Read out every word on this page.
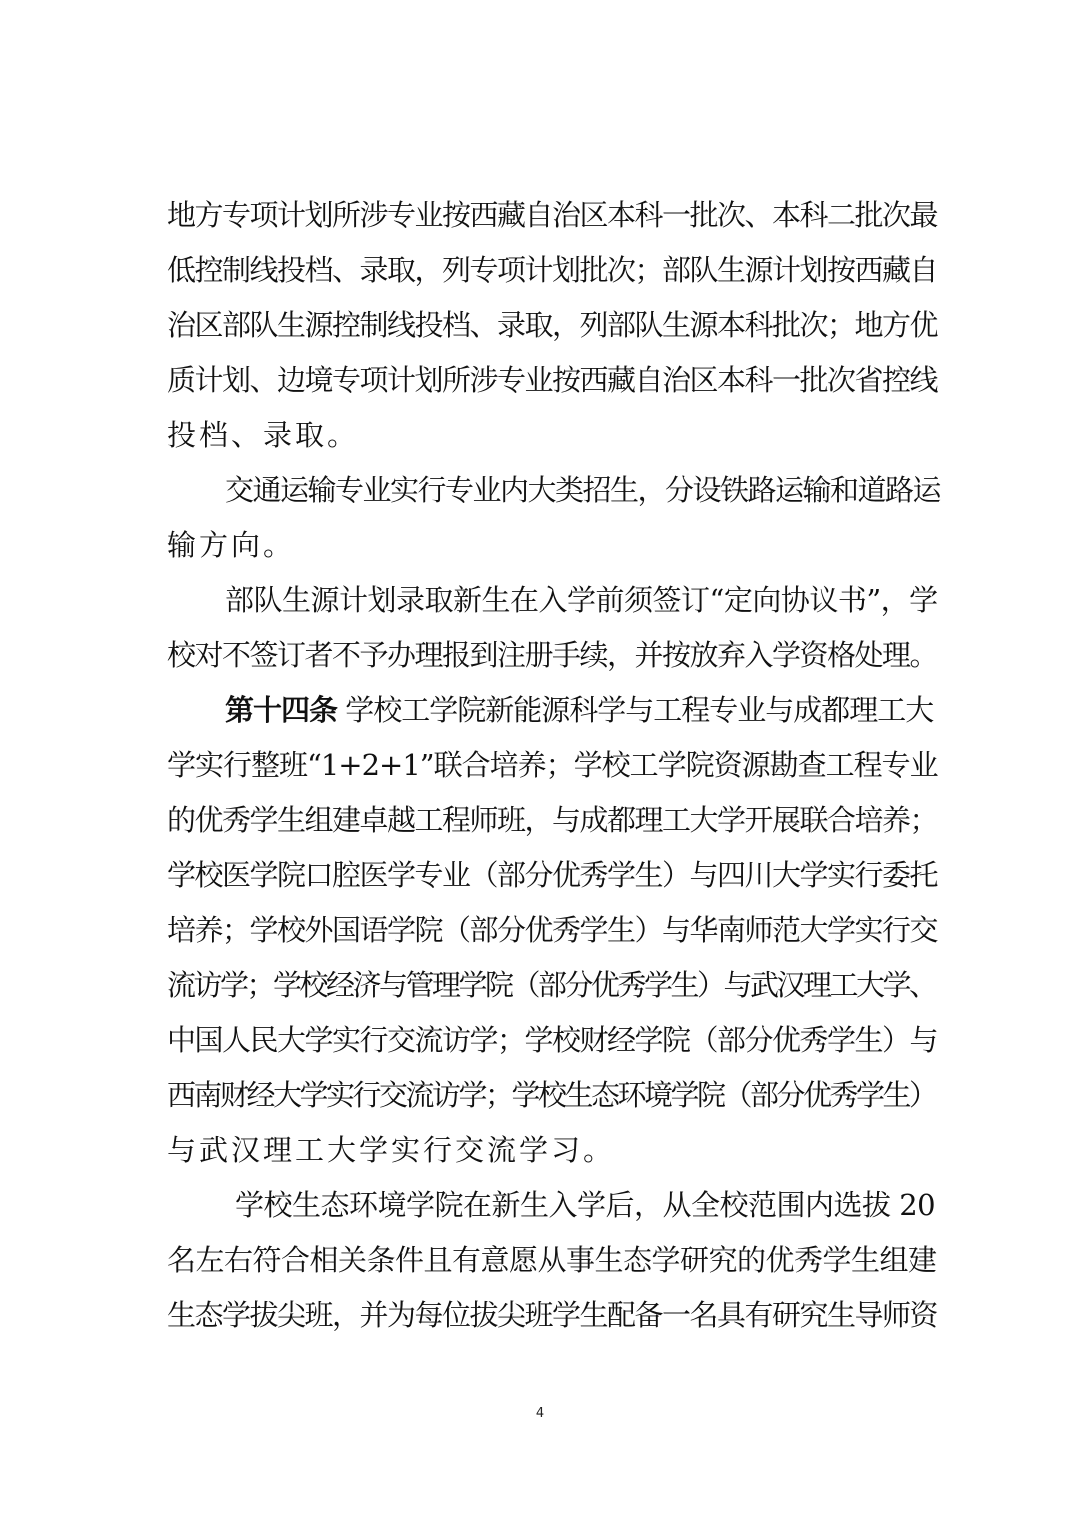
地方专项计划所涉专业按西藏自治区本科一批次、本科二批次最
低控制线投档、录取，列专项计划批次；部队生源计划按西藏自
治区部队生源控制线投档、录取，列部队生源本科批次；地方优
质计划、边境专项计划所涉专业按西藏自治区本科一批次省控线
投档、录取。
交通运输专业实行专业内大类招生，分设铁路运输和道路运
输方向。
部队生源计划录取新生在入学前须签订“定向协议书”，学
校对不签订者不予办理报到注册手续，并按放弃入学资格处理。
第十四条 学校工学院新能源科学与工程专业与成都理工大
学实行整班“1+2+1”联合培养；学校工学院资源勘查工程专业
的优秀学生组建卓越工程师班，与成都理工大学开展联合培养；
学校医学院口腔医学专业（部分优秀学生）与四川大学实行委托
培养；学校外国语学院（部分优秀学生）与华南师范大学实行交
流访学；学校经济与管理学院（部分优秀学生）与武汉理工大学、
中国人民大学实行交流访学；学校财经学院（部分优秀学生）与
西南财经大学实行交流访学；学校生态环境学院（部分优秀学生）
与武汉理工大学实行交流学习。
学校生态环境学院在新生入学后，从全校范围内选拔 20
名左右符合相关条件且有意愿从事生态学研究的优秀学生组建
生态学拔尖班，并为每位拔尖班学生配备一名具有研究生导师资
4
